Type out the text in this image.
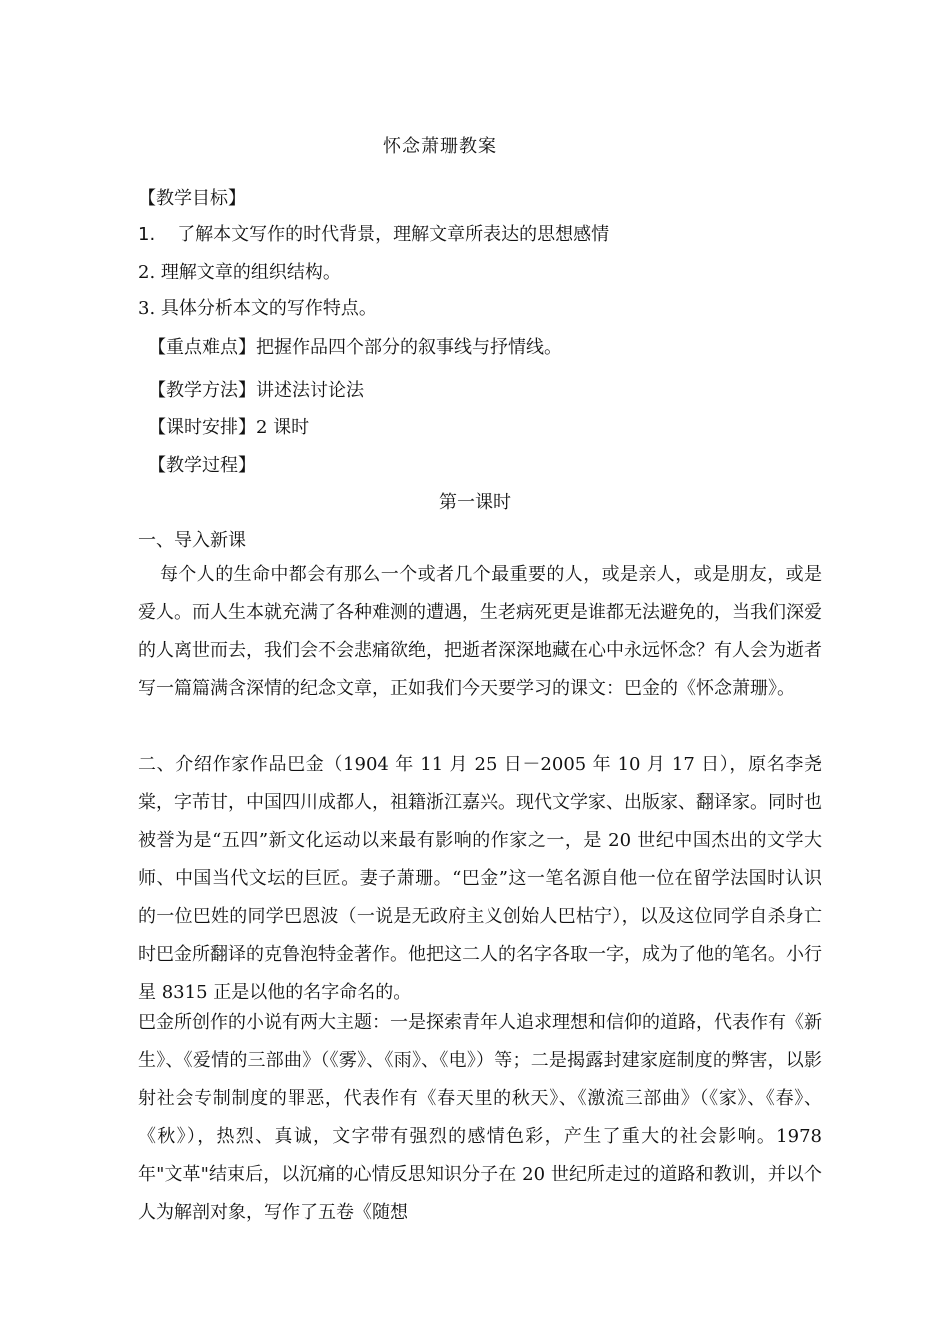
怀念萧珊教案
【教学目标】
1. 了解本文写作的时代背景，理解文章所表达的思想感情
2. 理解文章的组织结构。
3. 具体分析本文的写作特点。
【重点难点】把握作品四个部分的叙事线与抒情线。
【教学方法】讲述法讨论法
【课时安排】2 课时
【教学过程】
第一课时
一、导入新课

每个人的生命中都会有那么一个或者几个最重要的人，或是亲人，或是朋友，或是爱人。而人生本就充满了各种难测的遭遇，生老病死更是谁都无法避免的，当我们深爱的人离世而去，我们会不会悲痛欲绝，把逝者深深地藏在心中永远怀念？有人会为逝者写一篇篇满含深情的纪念文章，正如我们今天要学习的课文：巴金的《怀念萧珊》。

二、介绍作家作品巴金（1904 年 11 月 25 日－2005 年 10 月 17 日），原名李尧棠，字芾甘，中国四川成都人，祖籍浙江嘉兴。现代文学家、出版家、翻译家。同时也被誉为是“五四”新文化运动以来最有影响的作家之一，是 20 世纪中国杰出的文学大师、中国当代文坛的巨匠。妻子萧珊。“巴金”这一笔名源自他一位在留学法国时认识的一位巴姓的同学巴恩波（一说是无政府主义创始人巴枯宁），以及这位同学自杀身亡时巴金所翻译的克鲁泡特金著作。他把这二人的名字各取一字，成为了他的笔名。小行星 8315 正是以他的名字命名的。

巴金所创作的小说有两大主题：一是探索青年人追求理想和信仰的道路，代表作有《新生》、《爱情的三部曲》（《雾》、《雨》、《电》）等；二是揭露封建家庭制度的弊害，以影射社会专制制度的罪恶，代表作有《春天里的秋天》、《激流三部曲》（《家》、《春》、《秋》），热烈、真诚，文字带有强烈的感情色彩，产生了重大的社会影响。1978 年"文革"结束后，以沉痛的心情反思知识分子在 20 世纪所走过的道路和教训，并以个人为解剖对象，写作了五卷《随想
